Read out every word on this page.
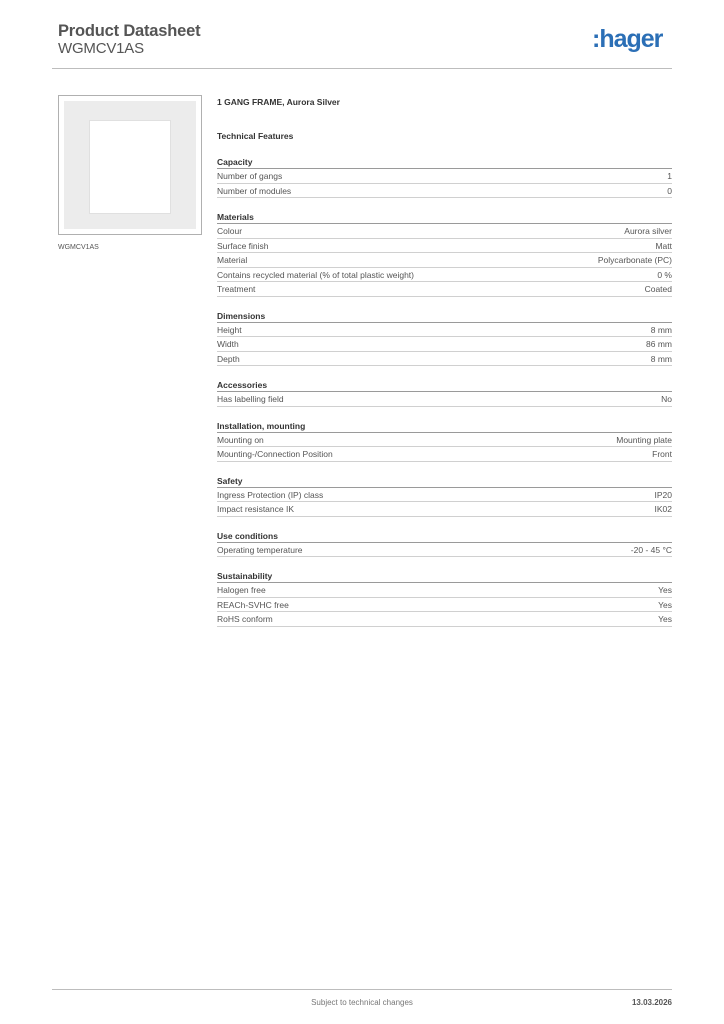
Product Datasheet
WGMCV1AS	:hager
WGMCV1AS
1 GANG FRAME, Aurora Silver
Technical Features
Capacity
Number of gangs	1
Number of modules	0
Materials
Colour	Aurora silver
Surface finish	Matt
Material	Polycarbonate (PC)
Contains recycled material (% of total plastic weight)	0 %
Treatment	Coated
Dimensions
Height	8 mm
Width	86 mm
Depth	8 mm
Accessories
Has labelling field	No
Installation, mounting
Mounting on	Mounting plate
Mounting-/Connection Position	Front
Safety
Ingress Protection (IP) class	IP20
Impact resistance IK	IK02
Use conditions
Operating temperature	-20 - 45 °C
Sustainability
Halogen free	Yes
REACh-SVHC free	Yes
RoHS conform	Yes
Subject to technical changes	13.03.2026
